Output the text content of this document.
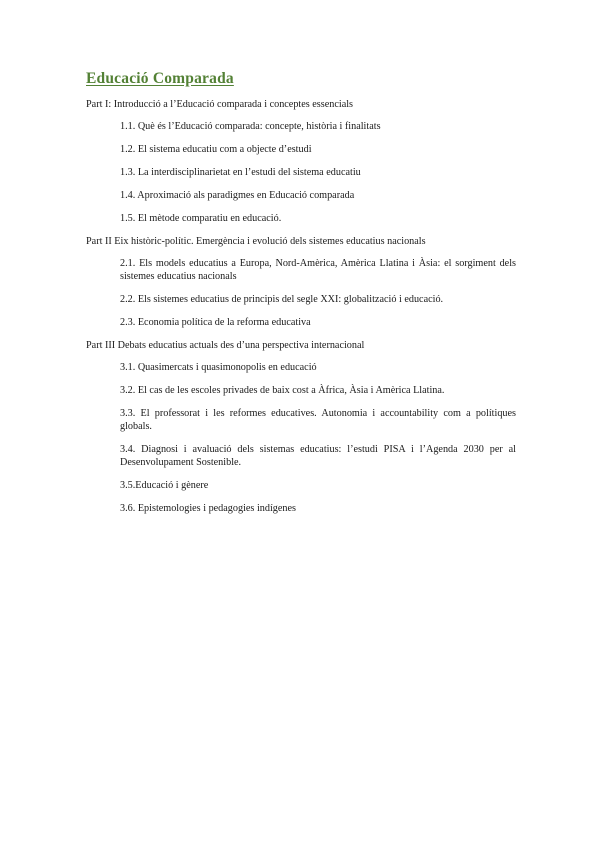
Educació Comparada

Part I: Introducció a l’Educació comparada i conceptes essencials

1.1. Què és l’Educació comparada: concepte, història i finalitats
1.2. El sistema educatiu com a objecte d’estudi
1.3. La interdisciplinarietat en l’estudi del sistema educatiu
1.4. Aproximació als paradigmes en Educació comparada
1.5. El mètode comparatiu en educació.

Part II Eix històric-polític. Emergència i evolució dels sistemes educatius nacionals

2.1. Els models educatius a Europa, Nord-Amèrica, Amèrica Llatina i Àsia: el sorgiment dels sistemes educatius nacionals
2.2. Els sistemes educatius de principis del segle XXI: globalització i educació.
2.3. Economia política de la reforma educativa

Part III Debats educatius actuals des d’una perspectiva internacional

3.1. Quasimercats i quasimonopolis en educació
3.2. El cas de les escoles privades de baix cost a Àfrica, Àsia i Amèrica Llatina.
3.3. El professorat i les reformes educatives. Autonomia i accountability com a polítiques globals.
3.4. Diagnosi i avaluació dels sistemas educatius: l’estudi PISA i l’Agenda 2030 per al Desenvolupament Sostenible.
3.5.Educació i gènere
3.6. Epistemologies i pedagogies indígenes
